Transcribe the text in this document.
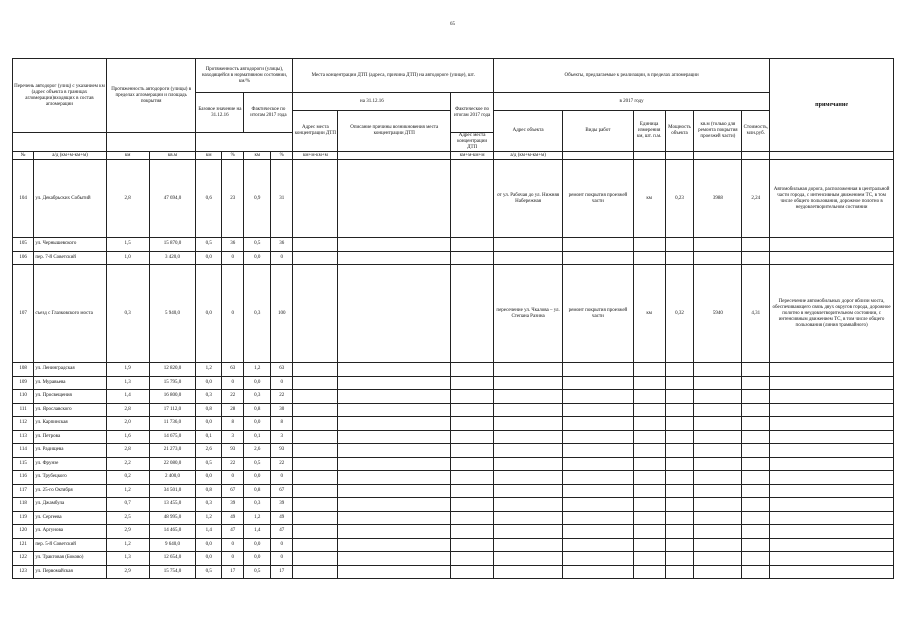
65
Перечень автодорог (улиц) с указанием км (адрес объекта в границах агломерации)входящих в состав агломерации		Протяженность автодороги (улицы) в пределах агломерации и площадь покрытия		Протяженность автодороги (улицы), находящейся в нормативном состоянии, км/%				Места концентрации ДТП (адреса, причина ДТП) на автодороге (улице), шт.			Объекты, предлагаемые к реализации, в пределах агломерации						примечание
				Базовое значение на 31.12.16		Фактическое по итогам 2017 года		на 31.12.16		Фактическое по итогам 2017 года	в 2017 году						
								Адрес места концентрации ДТП	Описание причины возникновения места концентрации ДТП		Адрес объекта	Виды работ	Единица измерения км, шт. п.м.	Мощность объекта	кв.м (только для ремонта покрытия проезжей части)	Стоимость, млн.руб.	
										Адрес места концентрации ДТП							
№	а/д (км+м-км+м)	км	кв.м	км	%	км	%	км+м-км+м		км+м-км+м	а/д (км+м-км+м)						
104	ул. Декабрьских Событий	2,8	47 694,0	0,6	23	0,9	31				от ул. Рабочая до ул. Нижняя Набережная	ремонт покрытия проезжей части	км	0,23	3988	2,24	Автомобильная дорога, расположенная в центральной части города, с интенсивным движением ТС, в том числе общего пользования, дорожное полотно в неудовлетворительном состоянии
105	ул. Чернышевского	1,5	15 870,0	0,5	36	0,5	36										
106	пер. 7-й Советский	1,0	3 420,0	0,0	0	0,0	0										
107	съезд с Глазковского моста	0,3	5 940,0	0,0	0	0,3	100				пересечение ул. Чкалова – ул. Степана Разина	ремонт покрытия проезжей части	км	0,32	5940	4,31	Пересечение автомобильных дорог вблизи моста, обеспечивающего связь двух округов города, дорожное полотно в неудовлетворительном состоянии, с интенсивным движением ТС, в том числе общего пользования (линия трамвайного)
108	ул. Ленинградская	1,9	12 820,0	1,2	63	1,2	63										
109	ул. Муравьева	1,3	15 795,0	0,0	0	0,0	0										
110	ул. Просвещения	1,4	16 800,0	0,3	22	0,3	22										
111	ул. Ярославского	2,8	17 112,0	0,8	28	0,8	30										
112	ул. Карпинская	2,0	11 736,0	0,0	8	0,0	8										
113	ул. Петрова	1,6	14 675,0	0,1	3	0,1	3										
114	ул. Радищева	2,8	21 273,0	2,6	93	2,6	93										
115	ул. Фрунзе	2,2	22 080,0	0,5	22	0,5	22										
116	ул. Трубецкого	0,2	2 400,0	0,0	0	0,0	0										
117	ул. 25-го Октября	1,2	34 501,0	0,8	67	0,8	67										
118	ул. Джамбула	0,7	13 455,0	0,3	39	0,3	39										
119	ул. Сергеева	2,5	48 995,0	1,2	49	1,2	49										
120	ул. Аргунова	2,9	14 465,0	1,4	47	1,4	47										
121	пер. 5-й Советский	1,2	9 640,0	0,0	0	0,0	0										
122	ул. Трактовая (Боково)	1,3	12 654,0	0,0	0	0,0	0										
123	ул. Первомайская	2,9	15 754,0	0,5	17	0,5	17										
